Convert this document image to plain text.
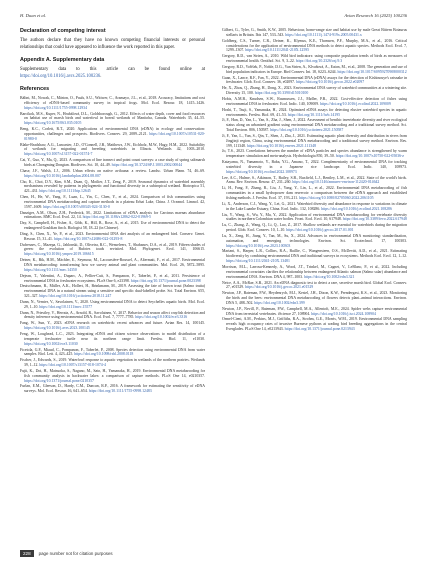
H. Duan et al.	Avian Research 16 (2025) 100236
Declaration of competing interest

The authors declare that they have no known competing financial interests or personal relationships that could have appeared to influence the work reported in this paper.

Appendix A. Supplementary data

Supplementary data to this article can be found online at https://doi.org/10.1016/j.avrs.2025.100236.

References
Bálint, M., Nowak, C., Márton, O., Pauls, S.U., Wittwer, C., Aramayo, J.L., et al., 2018. Accuracy, limitations and cost efficiency of eDNA-based community survey in tropical frogs. Mol. Ecol. Resour. 18, 1415–1426. https://doi.org/10.1111/1755-0998.12934
Barcikok, M.S., Kuper, N., Hrubálová, D.L., Goldsborough, G., 2012. Effects of water depth, cover and food resources on habitat use of marsh birds and waterfowl in boreal wetlands of Manitoba, Canada. Waterbirds 35, 44–55. https://doi.org/10.1675/063.035.0105
Beng, K.C., Corlett, R.T., 2020. Applications of environmental DNA (eDNA) in ecology and conservation: opportunities, challenges and prospects. Biodivers. Conserv. 29, 2089–2121. https://doi.org/10.1007/s10531-020-01980-0
Blake-Bradshaw, A.G., Lancaster, J.D., O'Connell, J.B., Matthews, J.W., Eichholz, M.W., Hagy, H.M., 2022. Suitability of wetlands for migrating and breeding waterbirds in Illinois. Wetlands 42, 1003–2010. https://doi.org/10.1007/s13157-022-01574-7
Cai, Y., Guo, Y., Ma, Q., 2023. A comparison of line transect and point count surveys: a case study of spring saltmarsh birds at Chongming Dongtan. Biodivers. Sci. 10, 44–49. https://doi.org/10.3724/SP.J.1003.2002.00044
Chase, J.F., Walsh, J.J., 2006. Urban effects on native avifauna: a review. Landsc. Urban Plann. 74, 46–69. https://doi.org/10.1016/j.landurbplan.2004.08.007
Cho, K., Choi, D.Y., Kim, S.M., Duan, Q., Moilier, J.T., Zeng, P., 2019. Seasonal dynamics of waterbird assembly mechanisms revealed by patterns in phylogenetic and functional diversity in a subtropical wetland. Biotropica 51, 421–431. https://doi.org/10.1111/btp.12645
Chen, H., He, W., Yang, F., Luan, L., Yin, C., Chen, Y., et al., 2024. Comparison of fish communities using environmental DNA metabarcoding and capture methods in a plateau Erhai Lake, China. J. Oceanol. Limnol. 42, 1597–1609. https://doi.org/10.1007/s00343-024-3130-0
Danziger, A.M., Olson, Z.H., Frederick, M., 2022. Limitations of eDNA analysis for Carcinus maenas abundance estimations. BMC Ecol. Evol. 22, 14. https://doi.org/10.1186/s12862-022-01969-5
Day, S., Campbell, H., Fisher, A., Gibb, K., Hill, B., Rose, A., et al., 2015. Use of environmental DNA to detect the endangered Gouldian finch. Biologist 58, 18–22 (in Chinese).
Ding, S., Chen, X., Ye, P., et al., 2023. Environmental DNA diet analysis of an endangered bird. Conserv. Genet. Resour. 15, 31–41. https://doi.org/10.1007/s12686-022-01293-8
Dufresnes, C., Mazepa, G., Jablonski, D., Oliveira, R.C., Wenseleers, T., Shabanov, D.A., et al., 2019. Fifteen shades of green: the evolution of Bufotes toads revisited. Mol. Phylogenet. Evol. 141, 106615. https://doi.org/10.1016/j.ympev.2019.106615
Deiner, K., Bik, H.M., Mächler, E., Seymour, M., Lacoursière-Roussel, A., Altermatt, F., et al., 2017. Environmental DNA metabarcoding: transforming how we survey animal and plant communities. Mol. Ecol. 26, 5872–5895. https://doi.org/10.1111/mec.14350
Dejean, T., Valentini, A., Duparc, A., Pellier-Cuit, S., Pompanon, F., Taberlet, P., et al., 2011. Persistence of environmental DNA in freshwater ecosystems. PLoS One 6, e23398. https://doi.org/10.1371/journal.pone.0023398
Deutschmann, B., Müller, A.K., Hollert, H., Brinkmann, M., 2019. Assessing the fate of brown trout (Salmo trutta) environmental DNA in a natural stream using a sensitive and specific dual-labelled probe. Sci. Total Environ. 655, 321–327. https://doi.org/10.1016/j.scitotenv.2018.11.247
Dunn, N., Vernier, V., Savolainen, V., 2020. Using environmental DNA to detect Seychelles aquatic birds. Mol. Ecol. 29, 1–10. https://doi.org/10.1111/mec.15577
Dunn, N., Priestley, V., Herraiz, A., Arnold, R., Savolainen, V., 2017. Behavior and season affect crayfish detection and density inference using environmental DNA. Ecol. Evol. 7, 7777–7785. https://doi.org/10.1002/ece3.3316
Fang, W., Sun, Y., 2023. eDNA research on waterbirds: recent advances and future. Avian Res. 14, 100145. https://doi.org/10.1016/j.avrs.2023.100145
Feng, W., Loughead, L.C., 2023. Integrating eDNA and citizen science observations to model distribution of a temperate freshwater turtle near its northern range limit. Freshw. Biol. 11, e11030. https://doi.org/10.1002/ece3.11030
Ficetola, G.F., Miaud, C., Pompanon, F., Taberlet, P., 2008. Species detection using environmental DNA from water samples. Biol. Lett. 4, 423–425. https://doi.org/10.1098/rsbl.2008.0118
Fischer, J., Edwards, S., 2019. Waterfowl response to aquatic vegetation in wetlands of the northern prairies. Wetlands 39, 1–12. https://doi.org/10.1007/s13157-018-1074-4
Fujii, K., Doi, H., Matsuoka, S., Nagano, M., Sato, H., Yamanaka, H., 2019. Environmental DNA metabarcoding for fish community analysis in backwater lakes: a comparison of capture methods. PLoS One 14, e0210357. https://doi.org/10.1371/journal.pone.0210357
Furlan, E.M., Gleeson, D., Hardy, C.M., Duncan, R.P., 2016. A framework for estimating the sensitivity of eDNA surveys. Mol. Ecol. Resour. 16, 641–654. https://doi.org/10.1111/1755-0998.12483
Gilbert, G., Tyler, G., Smith, K.W., 2005. Behaviour, home-range size and habitat use by male Great Bittern Botaurus stellaris in Britain. Ibis 147, 533–543. https://doi.org/10.1111/j.1474-919x.2005.00431.x
Goldberg, C.S., Turner, C.R., Deiner, K., Klymus, K.E., Thomsen, P.F., Murphy, M.A., et al., 2016. Critical considerations for the application of environmental DNA methods to detect aquatic species. Methods Ecol. Evol. 7, 1299–1307. https://doi.org/10.1111/2041-210X.12595
Gregory, R.D., van Strien, A., 2010. Wild bird indicators: using composite population trends of birds as measures of environmental health. Ornithol. Sci. 9, 3–22. https://doi.org/10.2326/osj.9.3
Gregory, R.D., Vořišek, P., Noble, D.G., Van Strien, A., Klvaňová, A., Eaton, M., et al., 2008. The generation and use of bird population indicators in Europe. Bird Conserv. Int. 18, S223–S244. https://doi.org/10.1017/S0959270908000312
Guan, X., Lance, R.F., Fan, Y., 2022. Environmental DNA (eDNA) assays for the detection of Kishinouye's ratsnake in freshwater. Glob. Ecol. Conserv. 36, e02097. https://doi.org/10.1016/j.gecco.2022.e02097
He, X., Zhou, Q., Zhang, H., Dong, X., 2023. Environmental DNA survey of waterbird communities at a wintering site. Diversity 15, 100. https://doi.org/10.3390/d15010100
Hobis, A.M.B., Knudsen, S.W., Rasmussen, J.J., Møller, P.R., 2022. Cost-effective detection of fishes using environmental DNA in freshwater. Ecol. Indic. 140, 109009. https://doi.org/10.1016/j.ecolind.2022.109009
Hoshi, T., Tsuji, S., Yamanaka, H., 2024. Optimized eDNA assays for detecting elusive waterbird species in aquatic environments. Freshw. Biol. 69, 41–53. https://doi.org/10.1111/fwb.14195
Ji, F., Han, D., Yan, L., Yan, S., Zha, J., Shen, J., 2022. Assessment of benthic invertebrate diversity and river ecological status along an urbanized gradient using environmental DNA metabarcoding and a traditional survey method. Sci. Total Environ. 806, 150587. https://doi.org/10.1016/j.scitotenv.2021.150587
Ji, F., Yan, L., Yan, S., Qin, T., Shen, J., Zha, J., 2021. Estimating aquatic plant diversity and distribution in rivers from Jingjinji region, China, using environmental DNA metabarcoding and a traditional survey method. Environ. Res. 199, 111348. https://doi.org/10.1016/j.envres.2021.111348
Jo, T.S., 2023. Correlations between the number of eDNA particles and species abundance is strengthened by warm temperature: simulation and meta-analysis. Hydrobiologia 850, 39–50. https://doi.org/10.1007/s10750-022-05036-z
Katayama, N., Yamamoto, Y., Baba, Y.G., Amano, T., 2022. Complementarity of environmental DNA for tracking waterbird diversity in a Japanese rice landscape. Ecol. Indic. 140, 108973. https://doi.org/10.1016/j.ecolind.2022.108973
Lee, A.C., Hulme, S., Atkinson, T., Bailey, S.B., Buxfield, L.J., Bentley, L.M., et al., 2022. State of the world's birds. Annu. Rev. Environ. Resour. 47, 231–260. https://doi.org/10.1146/annurev-environ-112420-014642
Li, H., Fang, F., Zhang, R., Liu, J., Yang, Y., Lin, L., et al., 2022. Environmental DNA metabarcoding of fish communities in a small hydropower dam reservoir: a comparison between the eDNA approach and established fishing methods. J. Freshw. Ecol. 37, 193–211. https://doi.org/10.1080/02705060.2022.2061105
Li, X., Anderson, C.J., Wang, Y., Lei, G., 2021. Waterbird diversity and abundance in response to variations in climate in the Lake Luanhe Estuary, China. Ecol. Indic. 132, 108286. https://doi.org/10.1016/j.ecolind.2021.108286
Liu, Y., Wang, S., Wu, Y., Ma, Y., 2022. Application of environmental DNA metabarcoding for vertebrate diversity studies in northern Colombian water bodies. Front. Ecol. Evol. 10, 617948. https://doi.org/10.3389/fevo.2022.617948
Lu, C., Zhang, Z., Wang, Q., Li, Q., Luo, Z., 2017. Shallow wetlands are essential for waterbirds during the migration period. Glob. Ecol. Conserv. 10, 1–10. https://doi.org/10.1016/j.gecco.2017.01.001
Lu, X., Zeng, H., Jiang, Y., Tan, M., Su, X., 2024. Advances in environmental DNA monitoring: standardization, automation, and emerging technologies. Environ. Sci. Ecotechnol. 17, 100303. https://doi.org/10.1016/j.ese.2023.100303
Mariani, S., Harper, L.R., Collins, R.A., Baillie, C., Wangensteen, O.S., McDevitt, A.D., et al., 2021. Estimating biodiversity by combining environmental DNA and traditional surveys in ecosystems. Methods Ecol. Evol. 12, 1–12. https://doi.org/10.1111/2041-210X.13481
Morrison, M.L., Larrosa-Kennedy, A., Wood, J.T., Trinkel, M., Cagnet, V., LeBlanc, P., et al., 2022. Including environmental covariates clarifies the relationship between endangered Atlantic salmon (Salmo salar) abundance and environmental DNA. Environ. DNA 4, 987–1003. https://doi.org/10.1002/edn3.321
Neice, A.A., McRae, S.B., 2021. An eDNA diagnostic test to detect a rare, secretive marsh bird. Global Ecol. Conserv. 27, e01529. https://doi.org/10.1016/j.gecco.2021.e01529
Newton, J.P., Bateman, P.W., Heydenrych, M.J., Kestel, J.H., Dixon, K.W., Prendergast, K.S., et al., 2023. Monitoring the birds and the bees: environmental DNA metabarcoding of flowers detects plant–animal interactions. Environ. DNA 5, 488–502. https://doi.org/10.1002/edn3.399
Newton, J.P., Nevill, P., Bateman, P.W., Campbell, M.A., Allentoft, M.E., 2024. Spider webs capture environmental DNA from terrestrial vertebrates. iScience 27, 108904. https://doi.org/10.1016/j.isci.2024.108904
Ormel-Cieni, A.M., Perkins, M.J., Griffiths, R.A., Strohm, G.E., Morris, W.M., 2019. Environmental DNA sampling reveals high occupancy rates of invasive Burmese pythons at wading bird breeding aggregations in the central Everglades. PLoS One 14, e0213943. https://doi.org/10.1371/journal.pone.0213943
228	page number not for citation purposes
